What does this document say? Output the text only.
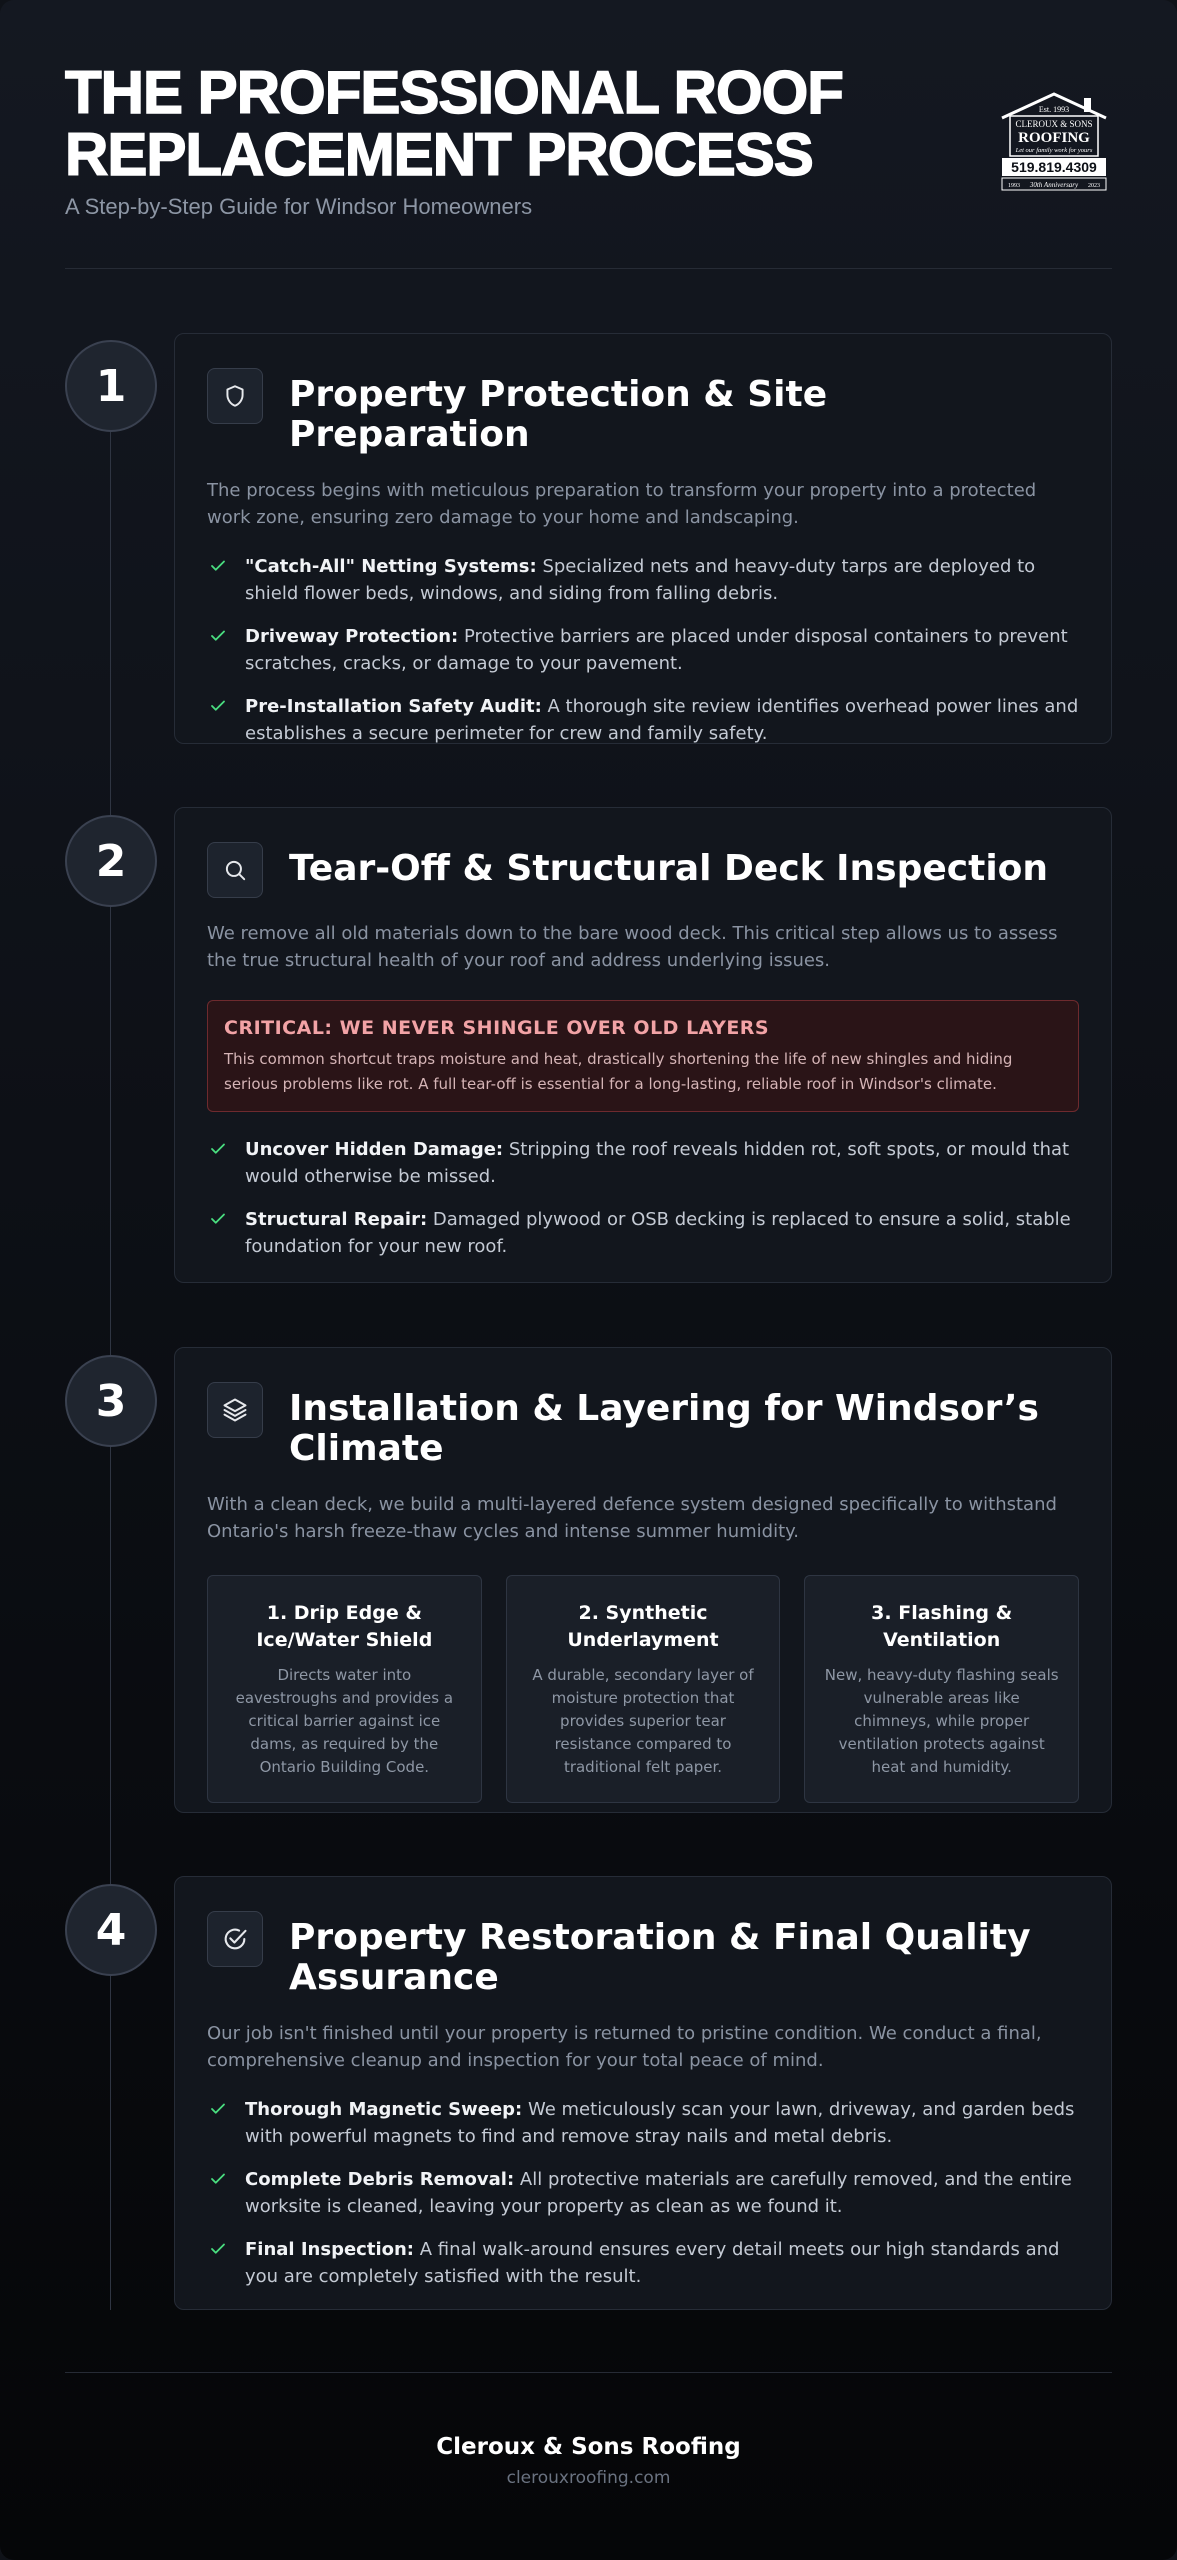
THE PROFESSIONAL ROOF
REPLACEMENT PROCESS
A Step-by-Step Guide for Windsor Homeowners
Est. 1993
CLEROUX & SONS
ROOFING
Let our family work for yours
519.819.4309
1993 30th Anniversary 2023
1	Property Protection & Site Preparation
The process begins with meticulous preparation to transform your property into a protected work zone, ensuring zero damage to your home and landscaping.
"Catch-All" Netting Systems: Specialized nets and heavy-duty tarps are deployed to shield flower beds, windows, and siding from falling debris.
Driveway Protection: Protective barriers are placed under disposal containers to prevent scratches, cracks, or damage to your pavement.
Pre-Installation Safety Audit: A thorough site review identifies overhead power lines and establishes a secure perimeter for crew and family safety.
2	Tear-Off & Structural Deck Inspection
We remove all old materials down to the bare wood deck. This critical step allows us to assess the true structural health of your roof and address underlying issues.
CRITICAL: WE NEVER SHINGLE OVER OLD LAYERS
This common shortcut traps moisture and heat, drastically shortening the life of new shingles and hiding serious problems like rot. A full tear-off is essential for a long-lasting, reliable roof in Windsor's climate.
Uncover Hidden Damage: Stripping the roof reveals hidden rot, soft spots, or mould that would otherwise be missed.
Structural Repair: Damaged plywood or OSB decking is replaced to ensure a solid, stable foundation for your new roof.
3	Installation & Layering for Windsor’s Climate
With a clean deck, we build a multi-layered defence system designed specifically to withstand Ontario's harsh freeze-thaw cycles and intense summer humidity.
1. Drip Edge & Ice/Water Shield
Directs water into eavestroughs and provides a critical barrier against ice dams, as required by the Ontario Building Code.
2. Synthetic Underlayment
A durable, secondary layer of moisture protection that provides superior tear resistance compared to traditional felt paper.
3. Flashing & Ventilation
New, heavy-duty flashing seals vulnerable areas like chimneys, while proper ventilation protects against heat and humidity.
4	Property Restoration & Final Quality Assurance
Our job isn't finished until your property is returned to pristine condition. We conduct a final, comprehensive cleanup and inspection for your total peace of mind.
Thorough Magnetic Sweep: We meticulously scan your lawn, driveway, and garden beds with powerful magnets to find and remove stray nails and metal debris.
Complete Debris Removal: All protective materials are carefully removed, and the entire worksite is cleaned, leaving your property as clean as we found it.
Final Inspection: A final walk-around ensures every detail meets our high standards and you are completely satisfied with the result.
Cleroux & Sons Roofing
clerouxroofing.com
